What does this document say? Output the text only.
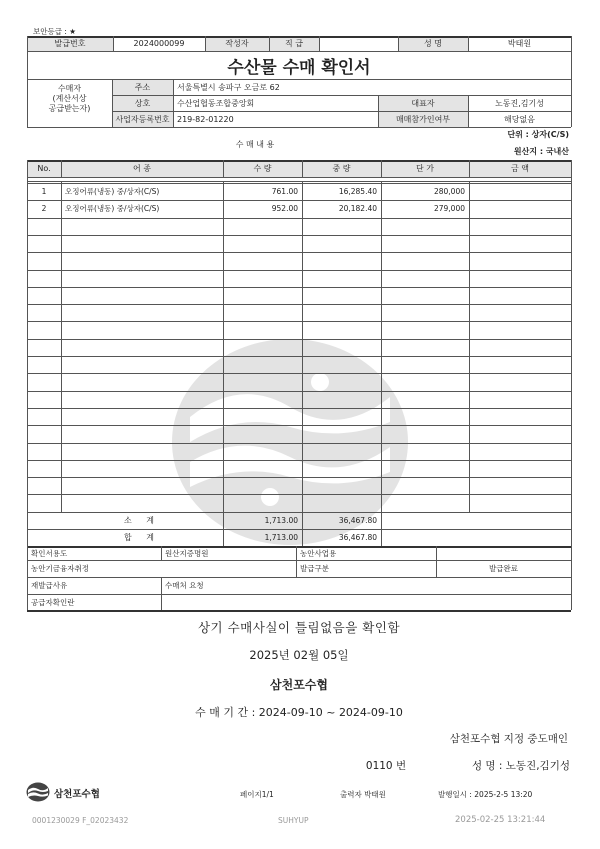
보안등급 : ★
발급번호	2024000099	작성자	직 급	성 명	박태원
수산물 수매 확인서
수매자
(계산서상
공급받는자)
주소	서울특별시 송파구 오금로 62
상호	수산업협동조합중앙회	대표자	노동진,김기성
사업자등록번호 219-82-01220	매매참가인여부	해당없음
수 매 내 용
단위 : 상자(C/S)
원산지 : 국내산
No.	어 종	수 량	중 량	단 가	금 액
1	오징어류(냉동) 중/상자(C/S)	761.00	16,285.40	280,000
2	오징어류(냉동) 중/상자(C/S)	952.00	20,182.40	279,000
소 계	1,713.00	36,467.80
합 계	1,713.00	36,467.80
확인서용도	원산지증명원	농안사업용
농안기금융자취정	발급구분	발급완료
재발급사유	수매처 요청
공급자확인란
상기 수매사실이 틀림없음을 확인함
2025년 02월 05일
삼천포수협
수 매 기 간 : 2024-09-10 ~ 2024-09-10
삼천포수협 지정 중도매인
0110 번	성 명 : 노동진,김기성
삼천포수협	페이지1/1	출력자 박태원	발행일시 : 2025-2-5 13:20
0001230029 F_02023432	SUHYUP	2025-02-25 13:21:44
